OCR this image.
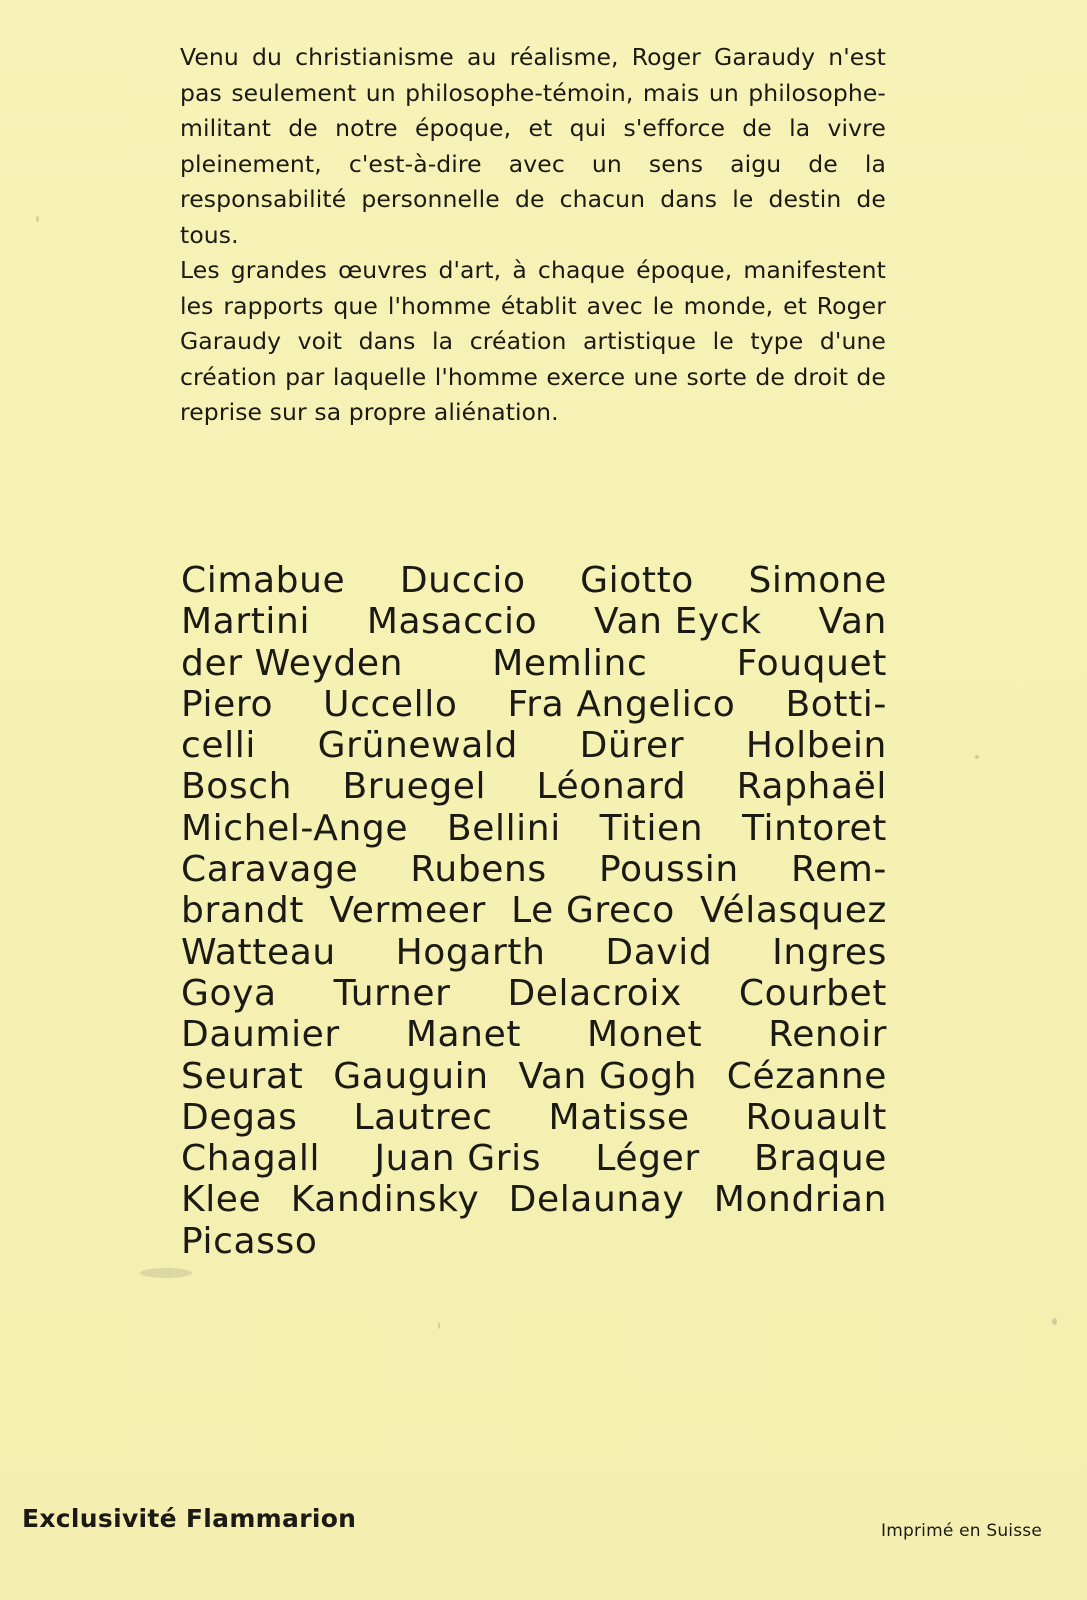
Venu du christianisme au réalisme, Roger Garaudy n'est pas seulement un philosophe-témoin, mais un philosophe-militant de notre époque, et qui s'efforce de la vivre pleinement, c'est-à-dire avec un sens aigu de la responsabilité personnelle de chacun dans le destin de tous.

Les grandes œuvres d'art, à chaque époque, manifestent les rapports que l'homme établit avec le monde, et Roger Garaudy voit dans la création artistique le type d'une création par laquelle l'homme exerce une sorte de droit de reprise sur sa propre aliénation.

Cimabue Duccio Giotto Simone
Martini Masaccio Van Eyck Van
der Weyden Memlinc Fouquet
Piero Uccello Fra Angelico Botti-
celli Grünewald Dürer Holbein
Bosch Bruegel Léonard Raphaël
Michel-Ange Bellini Titien Tintoret
Caravage Rubens Poussin Rem-
brandt Vermeer Le Greco Vélasquez
Watteau Hogarth David Ingres
Goya Turner Delacroix Courbet
Daumier Manet Monet Renoir
Seurat Gauguin Van Gogh Cézanne
Degas Lautrec Matisse Rouault
Chagall Juan Gris Léger Braque
Klee Kandinsky Delaunay Mondrian
Picasso
Exclusivité Flammarion	Imprimé en Suisse
